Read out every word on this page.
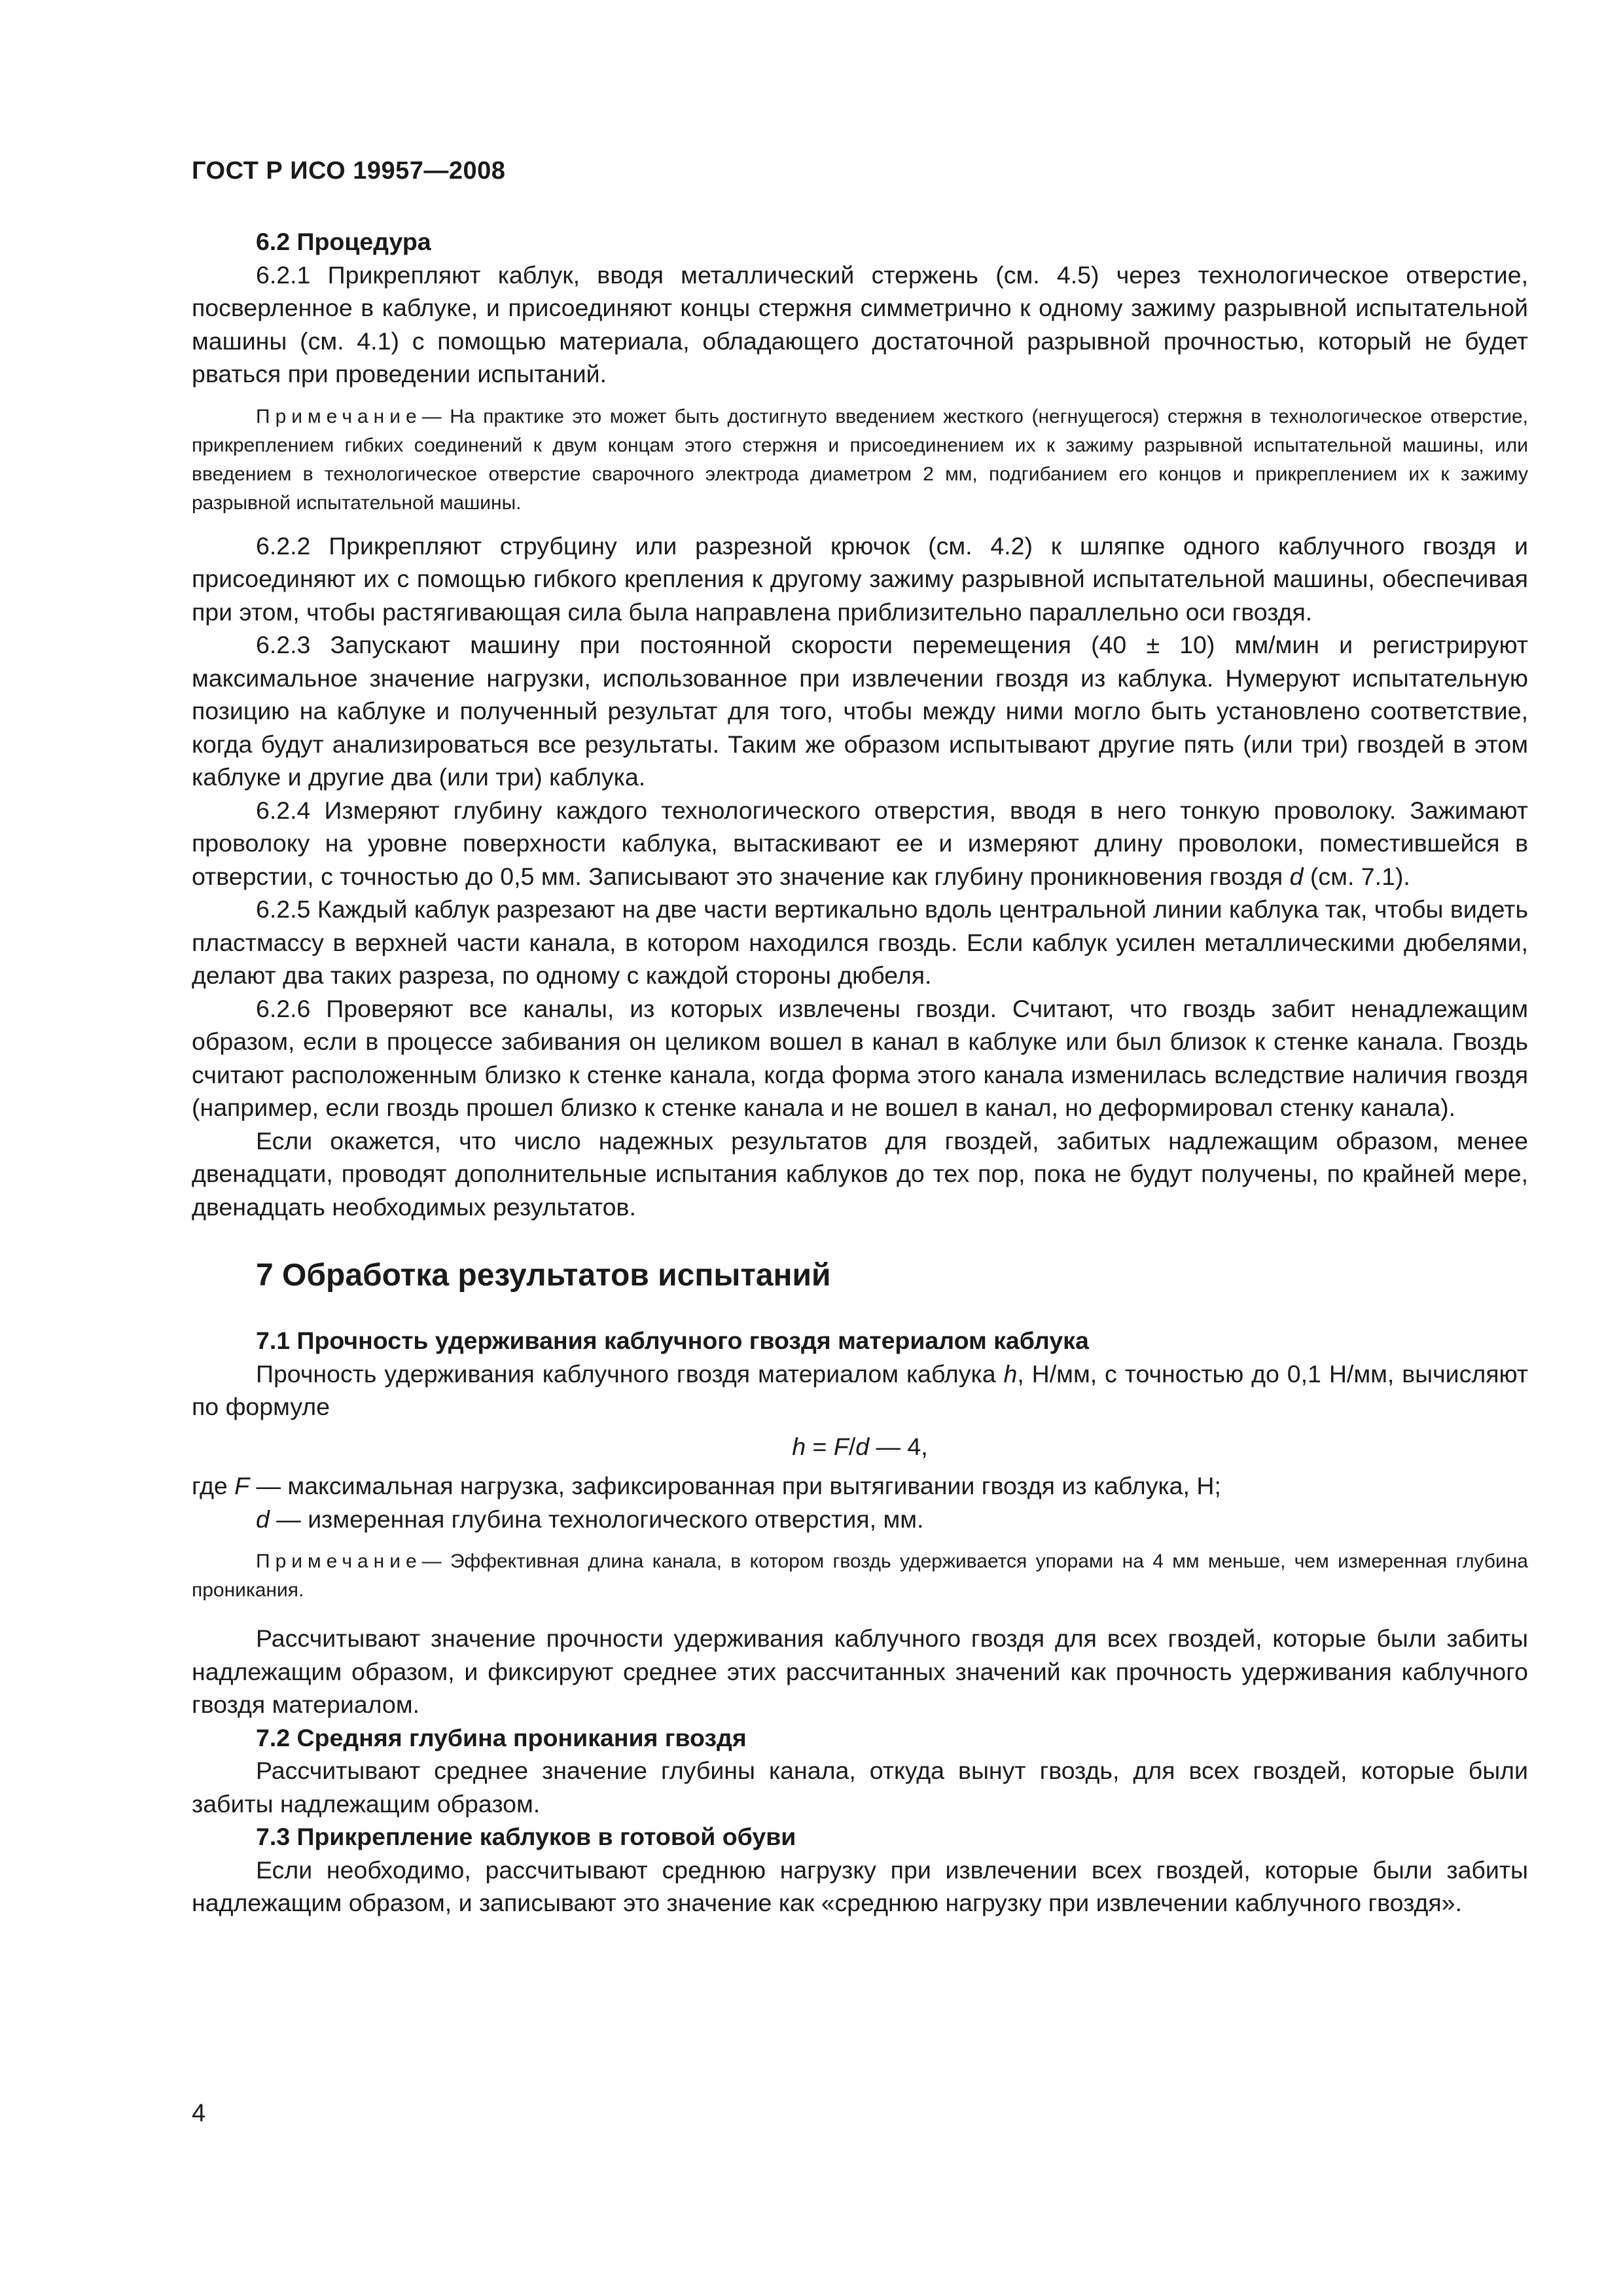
ГОСТ Р ИСО 19957—2008
6.2 Процедура

6.2.1 Прикрепляют каблук, вводя металлический стержень (см. 4.5) через технологическое отверстие, посверленное в каблуке, и присоединяют концы стержня симметрично к одному зажиму разрывной испытательной машины (см. 4.1) с помощью материала, обладающего достаточной разрывной прочностью, который не будет рваться при проведении испытаний.

Примечание— На практике это может быть достигнуто введением жесткого (негнущегося) стержня в технологическое отверстие, прикреплением гибких соединений к двум концам этого стержня и присоединением их к зажиму разрывной испытательной машины, или введением в технологическое отверстие сварочного электрода диаметром 2 мм, подгибанием его концов и прикреплением их к зажиму разрывной испытательной машины.

6.2.2 Прикрепляют струбцину или разрезной крючок (см. 4.2) к шляпке одного каблучного гвоздя и присоединяют их с помощью гибкого крепления к другому зажиму разрывной испытательной машины, обеспечивая при этом, чтобы растягивающая сила была направлена приблизительно параллельно оси гвоздя.

6.2.3 Запускают машину при постоянной скорости перемещения (40 ± 10) мм/мин и регистрируют максимальное значение нагрузки, использованное при извлечении гвоздя из каблука. Нумеруют испытательную позицию на каблуке и полученный результат для того, чтобы между ними могло быть установлено соответствие, когда будут анализироваться все результаты. Таким же образом испытывают другие пять (или три) гвоздей в этом каблуке и другие два (или три) каблука.

6.2.4 Измеряют глубину каждого технологического отверстия, вводя в него тонкую проволоку. Зажимают проволоку на уровне поверхности каблука, вытаскивают ее и измеряют длину проволоки, поместившейся в отверстии, с точностью до 0,5 мм. Записывают это значение как глубину проникновения гвоздя d (см. 7.1).

6.2.5 Каждый каблук разрезают на две части вертикально вдоль центральной линии каблука так, чтобы видеть пластмассу в верхней части канала, в котором находился гвоздь. Если каблук усилен металлическими дюбелями, делают два таких разреза, по одному с каждой стороны дюбеля.

6.2.6 Проверяют все каналы, из которых извлечены гвозди. Считают, что гвоздь забит ненадлежащим образом, если в процессе забивания он целиком вошел в канал в каблуке или был близок к стенке канала. Гвоздь считают расположенным близко к стенке канала, когда форма этого канала изменилась вследствие наличия гвоздя (например, если гвоздь прошел близко к стенке канала и не вошел в канал, но деформировал стенку канала).

Если окажется, что число надежных результатов для гвоздей, забитых надлежащим образом, менее двенадцати, проводят дополнительные испытания каблуков до тех пор, пока не будут получены, по крайней мере, двенадцать необходимых результатов.

7 Обработка результатов испытаний
7.1 Прочность удерживания каблучного гвоздя материалом каблука

Прочность удерживания каблучного гвоздя материалом каблука h, Н/мм, с точностью до 0,1 Н/мм, вычисляют по формуле

h = F/d — 4,

где F — максимальная нагрузка, зафиксированная при вытягивании гвоздя из каблука, Н;

d — измеренная глубина технологического отверстия, мм.

Примечание— Эффективная длина канала, в котором гвоздь удерживается упорами на 4 мм меньше, чем измеренная глубина проникания.

Рассчитывают значение прочности удерживания каблучного гвоздя для всех гвоздей, которые были забиты надлежащим образом, и фиксируют среднее этих рассчитанных значений как прочность удерживания каблучного гвоздя материалом.

7.2 Средняя глубина проникания гвоздя

Рассчитывают среднее значение глубины канала, откуда вынут гвоздь, для всех гвоздей, которые были забиты надлежащим образом.

7.3 Прикрепление каблуков в готовой обуви

Если необходимо, рассчитывают среднюю нагрузку при извлечении всех гвоздей, которые были забиты надлежащим образом, и записывают это значение как «среднюю нагрузку при извлечении каблучного гвоздя».

4
